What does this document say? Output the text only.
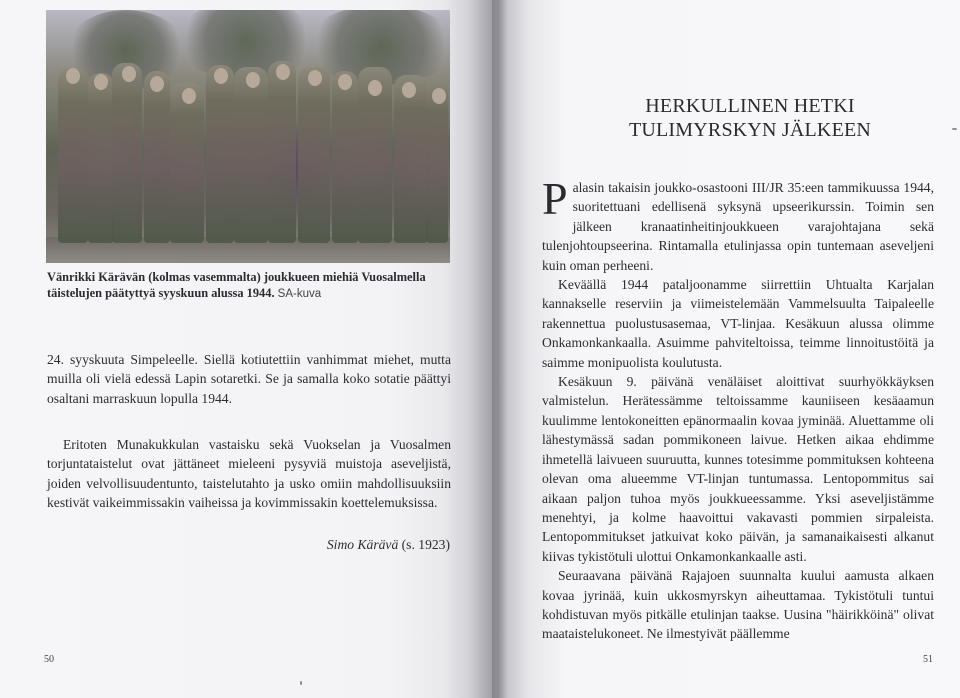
Vänrikki Kärävän (kolmas vasemmalta) joukkueen miehiä Vuosalmella täistelujen päätyttyä syyskuun alussa 1944. SA-kuva

24. syyskuuta Simpeleelle. Siellä kotiutettiin vanhimmat miehet, mutta muilla oli vielä edessä Lapin sotaretki. Se ja samalla koko sotatie päättyi osaltani marraskuun lopulla 1944.

Eritoten Munakukkulan vastaisku sekä Vuokselan ja Vuosalmen torjuntataistelut ovat jättäneet mieleeni pysyviä muistoja aseveljistä, joiden velvollisuudentunto, taistelutahto ja usko omiin mahdollisuuksiin kestivät vaikeimmissakin vaiheissa ja kovimmissakin koettelemuksissa.

Simo Kärävä (s. 1923)
50
HERKULLINEN HETKI
TULIMYRSKYN JÄLKEEN

Palasin takaisin joukko-osastooni III/JR 35:een tammikuussa 1944, suoritettuani edellisenä syksynä upseerikurssin. Toimin sen jälkeen kranaatinheitinjoukkueen varajohtajana sekä tulenjohtoupseerina. Rintamalla etulinjassa opin tuntemaan aseveljeni kuin oman perheeni.

Keväällä 1944 pataljoonamme siirrettiin Uhtualta Karjalan kannakselle reserviin ja viimeistelemään Vammelsuulta Taipaleelle rakennettua puolustusasemaa, VT-linjaa. Kesäkuun alussa olimme Onkamonkankaalla. Asuimme pahviteltoissa, teimme linnoitustöitä ja saimme monipuolista koulutusta.

Kesäkuun 9. päivänä venäläiset aloittivat suurhyökkäyksen valmistelun. Herätessämme teltoissamme kauniiseen kesäaamun kuulimme lentokoneitten epänormaalin kovaa jyminää. Aluettamme oli lähestymässä sadan pommikoneen laivue. Hetken aikaa ehdimme ihmetellä laivueen suuruutta, kunnes totesimme pommituksen kohteena olevan oma alueemme VT-linjan tuntumassa. Lentopommitus sai aikaan paljon tuhoa myös joukkueessamme. Yksi aseveljistämme menehtyi, ja kolme haavoittui vakavasti pommien sirpaleista. Lentopommitukset jatkuivat koko päivän, ja samanaikaisesti alkanut kiivas tykistötuli ulottui Onkamonkankaalle asti.

Seuraavana päivänä Rajajoen suunnalta kuului aamusta alkaen kovaa jyrinää, kuin ukkosmyrskyn aiheuttamaa. Tykistötuli tuntui kohdistuvan myös pitkälle etulinjan taakse. Uusina "häirikköinä" olivat maataistelukoneet. Ne ilmestyivät päällemme

51
